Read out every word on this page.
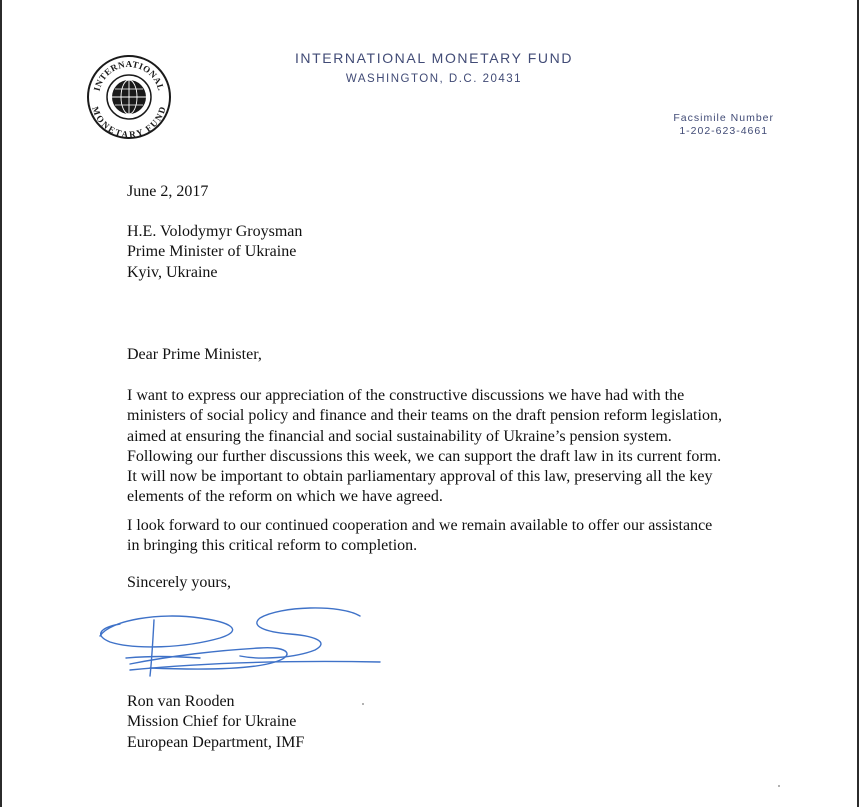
INTERNATIONAL
MONETARY FUND
INTERNATIONAL MONETARY FUND
WASHINGTON, D.C. 20431
Facsimile Number
1-202-623-4661
June 2, 2017
H.E. Volodymyr Groysman
Prime Minister of Ukraine
Kyiv, Ukraine
Dear Prime Minister,
I want to express our appreciation of the constructive discussions we have had with the
ministers of social policy and finance and their teams on the draft pension reform legislation,
aimed at ensuring the financial and social sustainability of Ukraine’s pension system.
Following our further discussions this week, we can support the draft law in its current form.
It will now be important to obtain parliamentary approval of this law, preserving all the key
elements of the reform on which we have agreed.
I look forward to our continued cooperation and we remain available to offer our assistance
in bringing this critical reform to completion.
Sincerely yours,
Ron van Rooden
Mission Chief for Ukraine
European Department, IMF
